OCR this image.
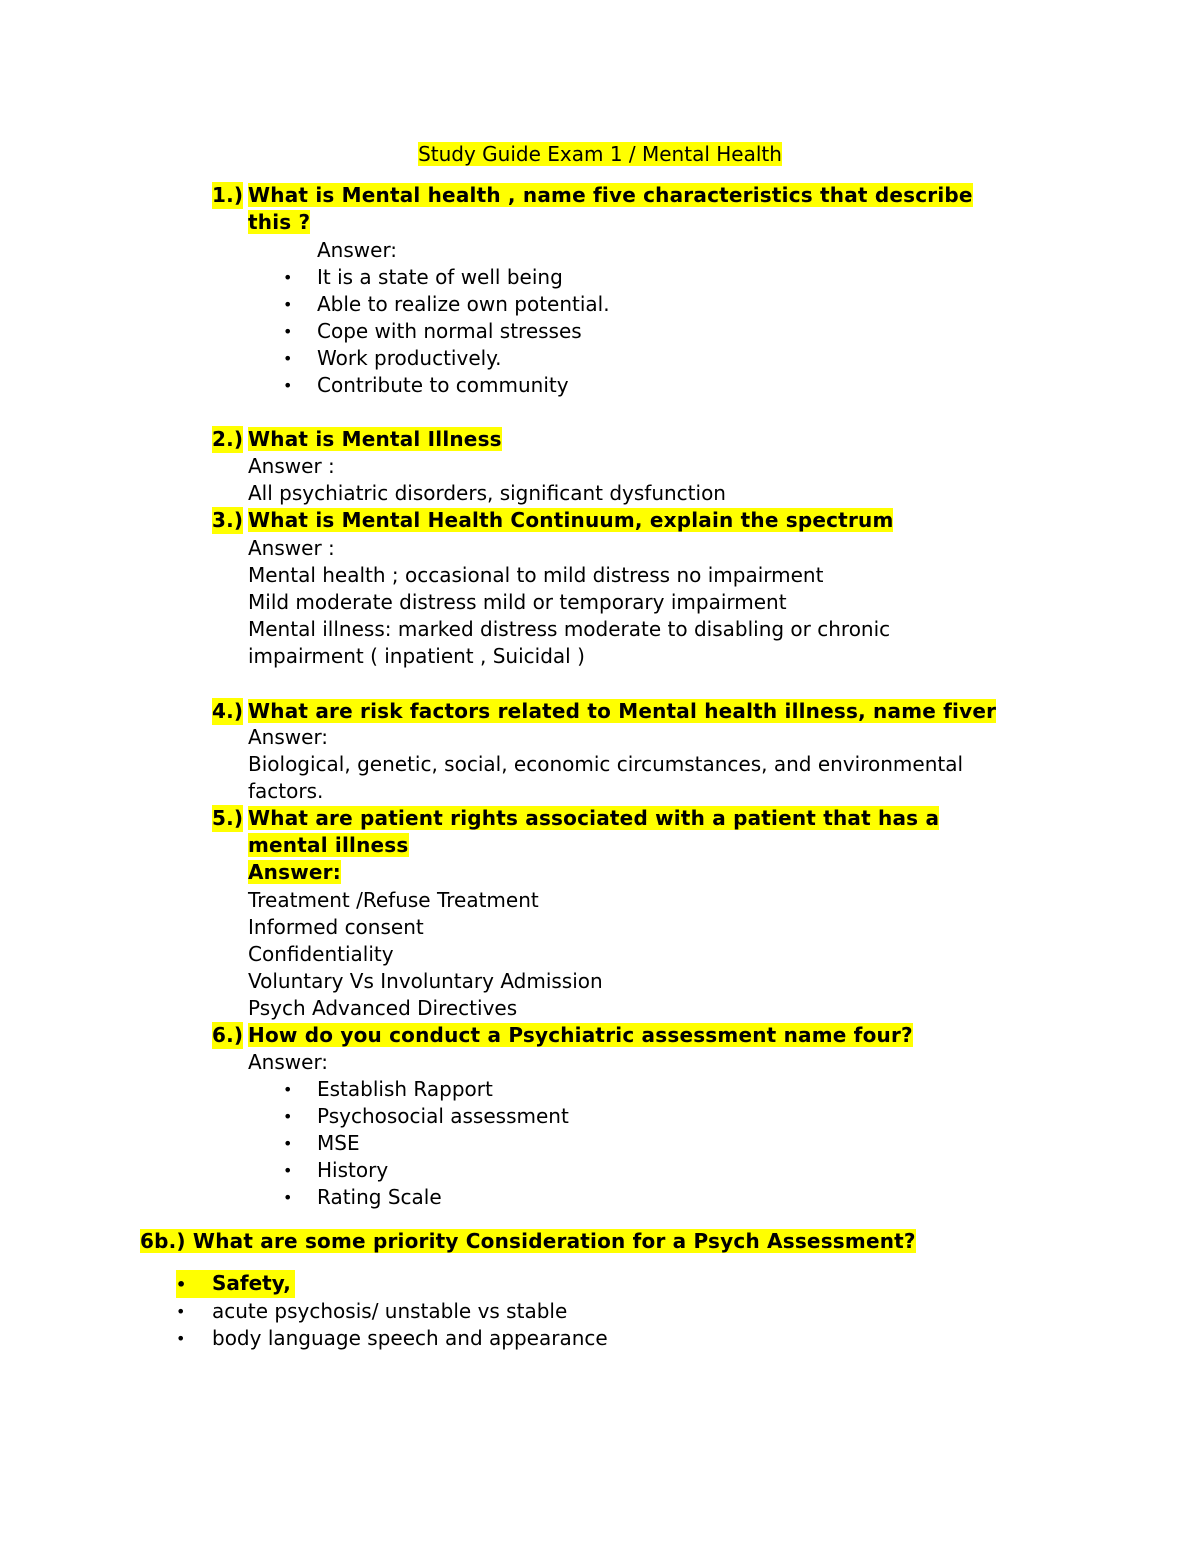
Study Guide Exam 1 / Mental Health
1.) What is Mental health , name five characteristics that describe
this ?
Answer:
• It is a state of well being
• Able to realize own potential.
• Cope with normal stresses
• Work productively.
• Contribute to community
2.) What is Mental Illness
Answer :
All psychiatric disorders, significant dysfunction
3.) What is Mental Health Continuum, explain the spectrum
Answer :
Mental health ; occasional to mild distress no impairment
Mild moderate distress mild or temporary impairment
Mental illness: marked distress moderate to disabling or chronic
impairment ( inpatient , Suicidal )
4.) What are risk factors related to Mental health illness, name fiver
Answer:
Biological, genetic, social, economic circumstances, and environmental
factors.
5.) What are patient rights associated with a patient that has a
mental illness
Answer:
Treatment /Refuse Treatment
Informed consent
Confidentiality
Voluntary Vs Involuntary Admission
Psych Advanced Directives
6.) How do you conduct a Psychiatric assessment name four?
Answer:
• Establish Rapport
• Psychosocial assessment
• MSE
• History
• Rating Scale
6b.) What are some priority Consideration for a Psych Assessment?
• Safety,
• acute psychosis/ unstable vs stable
• body language speech and appearance
